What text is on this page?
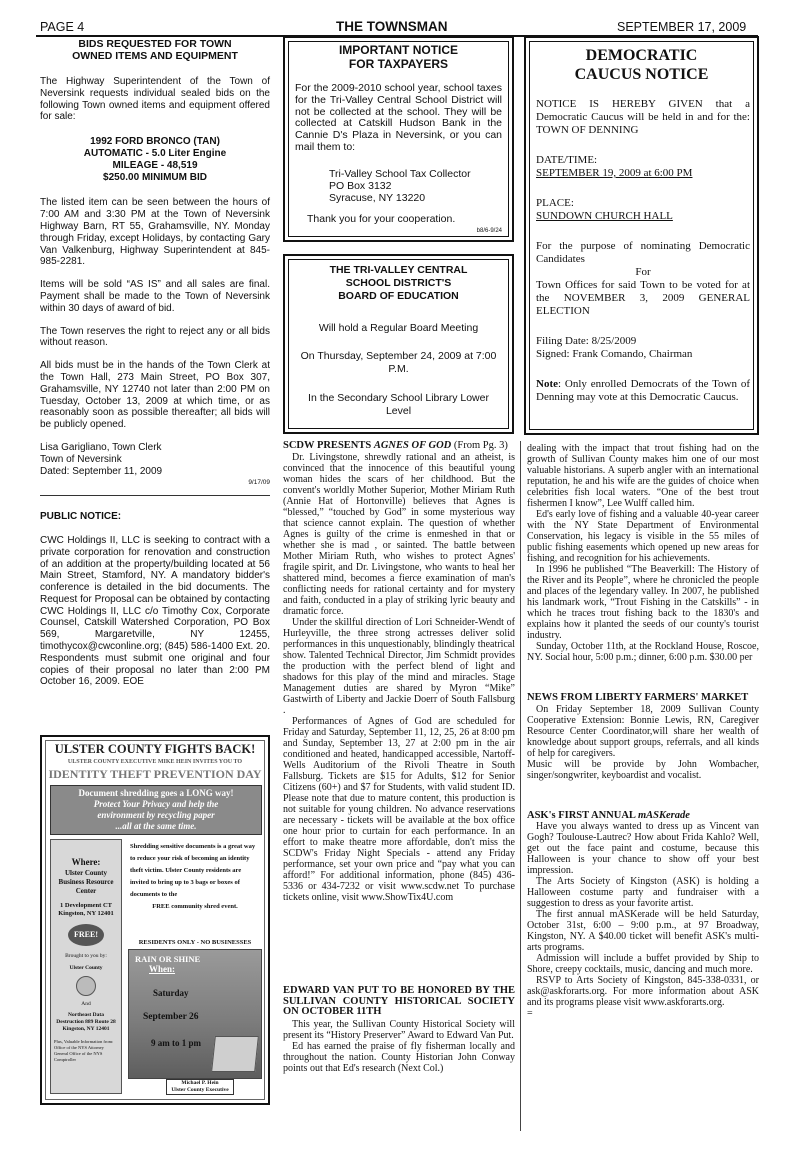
PAGE 4	THE TOWNSMAN	SEPTEMBER 17, 2009
BIDS REQUESTED FOR TOWN
OWNED ITEMS AND EQUIPMENT

The Highway Superintendent of the Town of Neversink requests individual sealed bids on the following Town owned items and equipment offered for sale:

1992 FORD BRONCO (TAN)
AUTOMATIC - 5.0 Liter Engine
MILEAGE - 48,519
$250.00 MINIMUM BID

The listed item can be seen between the hours of 7:00 AM and 3:30 PM at the Town of Neversink Highway Barn, RT 55, Grahamsville, NY. Monday through Friday, except Holidays, by contacting Gary Van Valkenburg, Highway Superintendent at 845-985-2281.

Items will be sold “AS IS” and all sales are final. Payment shall be made to the Town of Neversink within 30 days of award of bid.

The Town reserves the right to reject any or all bids without reason.

All bids must be in the hands of the Town Clerk at the Town Hall, 273 Main Street, PO Box 307, Grahamsville, NY 12740 not later than 2:00 PM on Tuesday, October 13, 2009 at which time, or as reasonably soon as possible thereafter; all bids will be publicly opened.

Lisa Garigliano, Town Clerk
Town of Neversink
Dated: September 11, 2009
9/17/09
PUBLIC NOTICE:

CWC Holdings II, LLC is seeking to contract with a private corporation for renovation and construction of an addition at the property/building located at 56 Main Street, Stamford, NY. A mandatory bidder's conference is detailed in the bid documents. The Request for Proposal can be obtained by contacting CWC Holdings II, LLC c/o Timothy Cox, Corporate Counsel, Catskill Watershed Corporation, PO Box 569, Margaretville, NY 12455, timothycox@cwconline.org; (845) 586-1400 Ext. 20. Respondents must submit one original and four copies of their proposal no later than 2:00 PM October 16, 2009. EOE

ULSTER COUNTY FIGHTS BACK!
ULSTER COUNTY EXECUTIVE MIKE HEIN INVITES YOU TO
IDENTITY THEFT PREVENTION DAY
Document shredding goes a LONG way!
Protect Your Privacy and help the
environment by recycling paper
...all at the same time.
Where:
Ulster County Business Resource Center
1 Development CT Kingston, NY 12401
FREE!
Brought to you by:
Ulster County
And
Northeast Data Destruction 889 Route 28 Kingston, NY 12401
Plus, Valuable Information from: Office of the NYS Attorney General Office of the NYS Comptroller
Shredding sensitive documents is a great way to reduce your risk of becoming an identity theft victim. Ulster County residents are invited to bring up to 3 bags or boxes of documents to the
FREE community shred event.
RESIDENTS ONLY - NO BUSINESSES
RAIN OR SHINE
When:
Saturday
September 26
9 am to 1 pm
Michael P. Hein
Ulster County Executive
IMPORTANT NOTICE
FOR TAXPAYERS
For the 2009-2010 school year, school taxes for the Tri-Valley Central School District will not be collected at the school. They will be collected at Catskill Hudson Bank in the Cannie D's Plaza in Neversink, or you can mail them to:
Tri-Valley School Tax Collector
PO Box 3132
Syracuse, NY 13220
Thank you for your cooperation.
b8/6-9/24
THE TRI-VALLEY CENTRAL
SCHOOL DISTRICT'S
BOARD OF EDUCATION
Will hold a Regular Board Meeting
On Thursday, September 24, 2009 at 7:00 P.M.
In the Secondary School Library Lower Level
DEMOCRATIC
CAUCUS NOTICE
NOTICE IS HEREBY GIVEN that a Democratic Caucus will be held in and for the: TOWN OF DENNING
DATE/TIME:
SEPTEMBER 19, 2009 at 6:00 PM
PLACE:
SUNDOWN CHURCH HALL
For the purpose of nominating Democratic Candidates
For
Town Offices for said Town to be voted for at the NOVEMBER 3, 2009 GENERAL ELECTION
Filing Date: 8/25/2009
Signed: Frank Comando, Chairman
Note: Only enrolled Democrats of the Town of Denning may vote at this Democratic Caucus.
SCDW PRESENTS AGNES OF GOD (From Pg. 3)

Dr. Livingstone, shrewdly rational and an atheist, is convinced that the innocence of this beautiful young woman hides the scars of her childhood. But the convent's worldly Mother Superior, Mother Miriam Ruth (Annie Hat of Hortonville) believes that Agnes is “blessed,” “touched by God” in some mysterious way that science cannot explain. The question of whether Agnes is guilty of the crime is enmeshed in that or whether she is mad , or sainted. The battle between Mother Miriam Ruth, who wishes to protect Agnes' fragile spirit, and Dr. Livingstone, who wants to heal her shattered mind, becomes a fierce examination of man's conflicting needs for rational certainty and for mystery and faith, conducted in a play of striking lyric beauty and dramatic force.

Under the skillful direction of Lori Schneider-Wendt of Hurleyville, the three strong actresses deliver solid performances in this unquestionably, blindingly theatrical show. Talented Technical Director, Jim Schmidt provides the production with the perfect blend of light and shadows for this play of the mind and miracles. Stage Management duties are shared by Myron “Mike” Gastwirth of Liberty and Jackie Doerr of South Fallsburg .

Performances of Agnes of God are scheduled for Friday and Saturday, September 11, 12, 25, 26 at 8:00 pm and Sunday, September 13, 27 at 2:00 pm in the air conditioned and heated, handicapped accessible, Nartoff-Wells Auditorium of the Rivoli Theatre in South Fallsburg. Tickets are $15 for Adults, $12 for Senior Citizens (60+) and $7 for Students, with valid student ID. Please note that due to mature content, this production is not suitable for young children. No advance reservations are necessary - tickets will be available at the box office one hour prior to curtain for each performance. In an effort to make theatre more affordable, don't miss the SCDW's Friday Night Specials - attend any Friday performance, set your own price and “pay what you can afford!” For additional information, phone (845) 436-5336 or 434-7232 or visit www.scdw.net To purchase tickets online, visit www.ShowTix4U.com

EDWARD VAN PUT TO BE HONORED BY THE SULLIVAN COUNTY HISTORICAL SOCIETY ON OCTOBER 11TH

This year, the Sullivan County Historical Society will present its “History Preserver” Award to Edward Van Put.

Ed has earned the praise of fly fisherman locally and throughout the nation. County Historian John Conway points out that Ed's research (Next Col.)

dealing with the impact that trout fishing had on the growth of Sullivan County makes him one of our most valuable historians. A superb angler with an international reputation, he and his wife are the guides of choice when celebrities fish local waters. “One of the best trout fishermen I know”, Lee Wulff called him.

Ed's early love of fishing and a valuable 40-year career with the NY State Department of Environmental Conservation, his legacy is visible in the 55 miles of public fishing easements which opened up new areas for fishing, and recognition for his achievements.

In 1996 he published “The Beaverkill: The History of the River and its People”, where he chronicled the people and places of the legendary valley. In 2007, he published his landmark work, “Trout Fishing in the Catskills” - in which he traces trout fishing back to the 1830's and explains how it planted the seeds of our county's tourist industry.

Sunday, October 11th, at the Rockland House, Roscoe, NY. Social hour, 5:00 p.m.; dinner, 6:00 p.m. $30.00 per

NEWS FROM LIBERTY FARMERS' MARKET

On Friday September 18, 2009 Sullivan County Cooperative Extension: Bonnie Lewis, RN, Caregiver Resource Center Coordinator,will share her wealth of knowledge about support groups, referrals, and all kinds of help for caregivers.

Music will be provide by John Wombacher, singer/songwriter, keyboardist and vocalist.

ASK's FIRST ANNUAL mASKerade

Have you always wanted to dress up as Vincent van Gogh? Toulouse-Lautrec? How about Frida Kahlo? Well, get out the face paint and costume, because this Halloween is your chance to show off your best impression.

The Arts Society of Kingston (ASK) is holding a Halloween costume party and fundraiser with a suggestion to dress as your favorite artist.

The first annual mASKerade will be held Saturday, October 31st, 6:00 – 9:00 p.m., at 97 Broadway, Kingston, NY. A $40.00 ticket will benefit ASK's multi-arts programs.

Admission will include a buffet provided by Ship to Shore, creepy cocktails, music, dancing and much more.

RSVP to Arts Society of Kingston, 845-338-0331, or ask@askforarts.org. For more information about ASK and its programs please visit www.askforarts.org.

=
